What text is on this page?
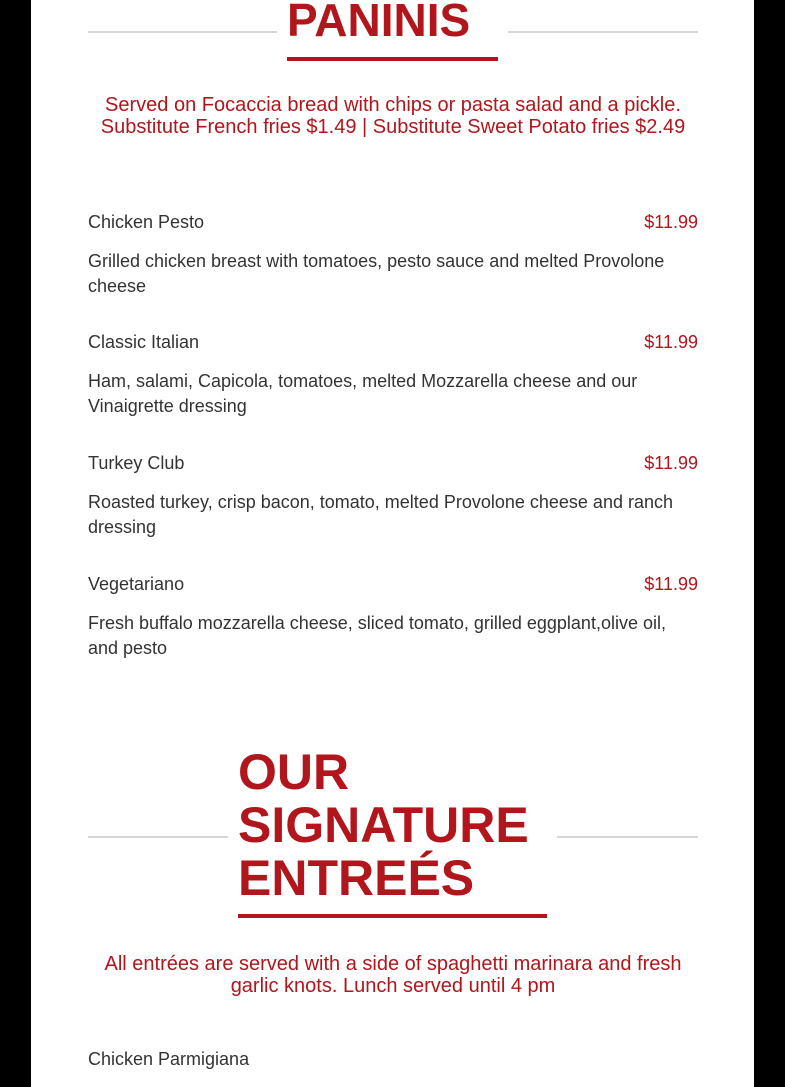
PANINIS

Served on Focaccia bread with chips or pasta salad and a pickle. Substitute French fries $1.49 | Substitute Sweet Potato fries $2.49

Chicken Pesto	$11.99

Grilled chicken breast with tomatoes, pesto sauce and melted Provolone cheese

Classic Italian	$11.99

Ham, salami, Capicola, tomatoes, melted Mozzarella cheese and our Vinaigrette dressing

Turkey Club	$11.99

Roasted turkey, crisp bacon, tomato, melted Provolone cheese and ranch dressing

Vegetariano	$11.99

Fresh buffalo mozzarella cheese, sliced tomato, grilled eggplant,olive oil, and pesto

OUR
SIGNATURE
ENTREÉS

All entrées are served with a side of spaghetti marinara and fresh garlic knots. Lunch served until 4 pm

Chicken Parmigiana
